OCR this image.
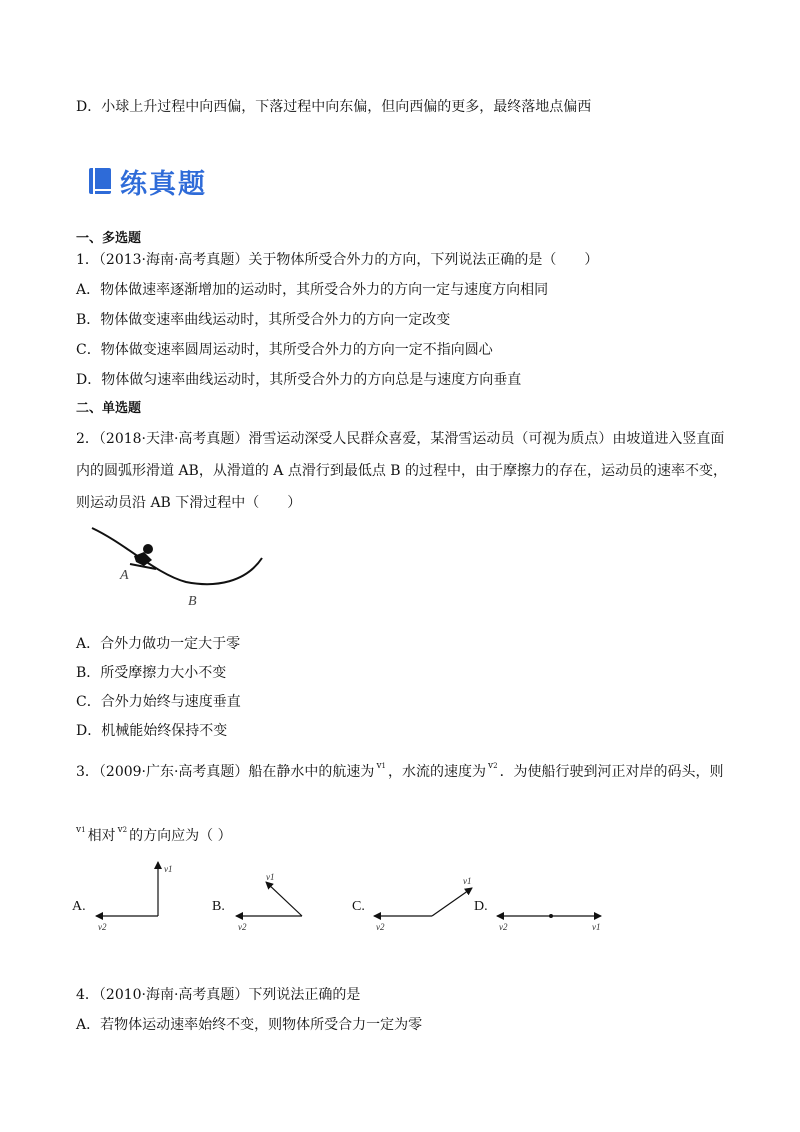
D．小球上升过程中向西偏，下落过程中向东偏，但向西偏的更多，最终落地点偏西
练真题
一、多选题
1．（2013·海南·高考真题）关于物体所受合外力的方向，下列说法正确的是（　　）
A．物体做速率逐渐增加的运动时，其所受合外力的方向一定与速度方向相同
B．物体做变速率曲线运动时，其所受合外力的方向一定改变
C．物体做变速率圆周运动时，其所受合外力的方向一定不指向圆心
D．物体做匀速率曲线运动时，其所受合外力的方向总是与速度方向垂直
二、单选题
2．（2018·天津·高考真题）滑雪运动深受人民群众喜爱，某滑雪运动员（可视为质点）由坡道进入竖直面
内的圆弧形滑道 AB，从滑道的 A 点滑行到最低点 B 的过程中，由于摩擦力的存在，运动员的速率不变，
则运动员沿 AB 下滑过程中（　　）
A
B
A．合外力做功一定大于零
B．所受摩擦力大小不变
C．合外力始终与速度垂直
D．机械能始终保持不变
3．（2009·广东·高考真题）船在静水中的航速为 $^{v1}$ ，水流的速度为 $^{v2}$ ．为使船行驶到河正对岸的码头，则
$^{v1}$ 相对 $^{v2}$ 的方向应为（ ）
A.
v1
v2
B.
v1
v2
C.
v1
v2
D.
v1
v2
4．（2010·海南·高考真题）下列说法正确的是
A．若物体运动速率始终不变，则物体所受合力一定为零
